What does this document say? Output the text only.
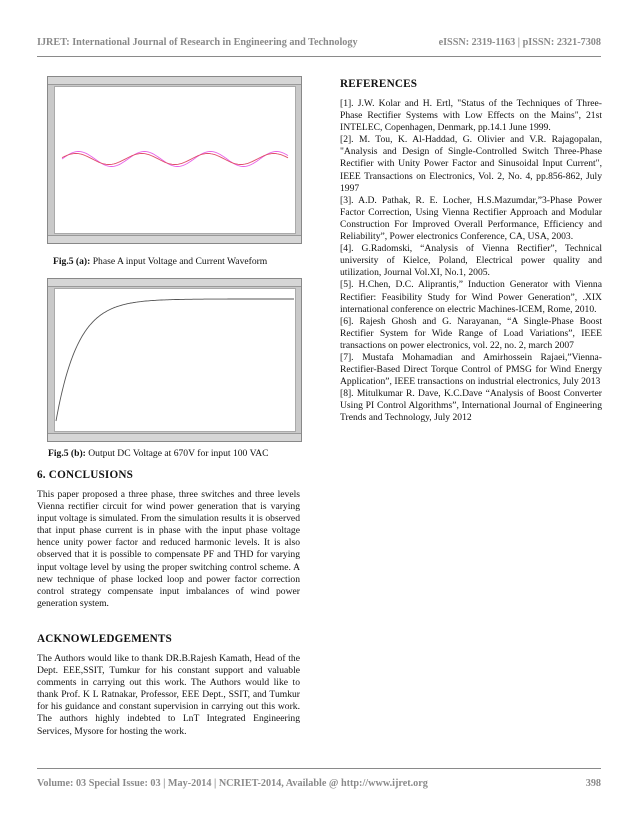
IJRET: International Journal of Research in Engineering and Technology	eISSN: 2319-1163 | pISSN: 2321-7308
Fig.5 (a): Phase A input Voltage and Current Waveform
Fig.5 (b): Output DC Voltage at 670V for input 100 VAC
6. CONCLUSIONS

This paper proposed a three phase, three switches and three levels Vienna rectifier circuit for wind power generation that is varying input voltage is simulated. From the simulation results it is observed that input phase current is in phase with the input phase voltage hence unity power factor and reduced harmonic levels. It is also observed that it is possible to compensate PF and THD for varying input voltage level by using the proper switching control scheme. A new technique of phase locked loop and power factor correction control strategy compensate input imbalances of wind power generation system.

ACKNOWLEDGEMENTS

The Authors would like to thank DR.B.Rajesh Kamath, Head of the Dept. EEE,SSIT, Tumkur for his constant support and valuable comments in carrying out this work. The Authors would like to thank Prof. K L Ratnakar, Professor, EEE Dept., SSIT, and Tumkur for his guidance and constant supervision in carrying out this work. The authors highly indebted to LnT Integrated Engineering Services, Mysore for hosting the work.

REFERENCES

[1]. J.W. Kolar and H. Ertl, "Status of the Techniques of Three-Phase Rectifier Systems with Low Effects on the Mains", 21st INTELEC, Copenhagen, Denmark, pp.14.1 June 1999.

[2]. M. Tou, K. Al-Haddad, G. Olivier and V.R. Rajagopalan, "Analysis and Design of Single-Controlled Switch Three-Phase Rectifier with Unity Power Factor and Sinusoidal Input Current", IEEE Transactions on Electronics, Vol. 2, No. 4, pp.856-862, July 1997

[3]. A.D. Pathak, R. E. Locher, H.S.Mazumdar,”3-Phase Power Factor Correction, Using Vienna Rectifier Approach and Modular Construction For Improved Overall Performance, Efficiency and Reliability”, Power electronics Conference, CA, USA, 2003.

[4]. G.Radomski, “Analysis of Vienna Rectifier”, Technical university of Kielce, Poland, Electrical power quality and utilization, Journal Vol.XI, No.1, 2005.

[5]. H.Chen, D.C. Aliprantis,” Induction Generator with Vienna Rectifier: Feasibility Study for Wind Power Generation”, .XIX international conference on electric Machines-ICEM, Rome, 2010.

[6]. Rajesh Ghosh and G. Narayanan, “A Single-Phase Boost Rectifier System for Wide Range of Load Variations”, IEEE transactions on power electronics, vol. 22, no. 2, march 2007

[7]. Mustafa Mohamadian and Amirhossein Rajaei,”Vienna-Rectifier-Based Direct Torque Control of PMSG for Wind Energy Application”, IEEE transactions on industrial electronics, July 2013

[8]. Mitulkumar R. Dave, K.C.Dave “Analysis of Boost Converter Using PI Control Algorithms”, International Journal of Engineering Trends and Technology, July 2012

Volume: 03 Special Issue: 03 | May-2014 | NCRIET-2014, Available @ http://www.ijret.org	398
